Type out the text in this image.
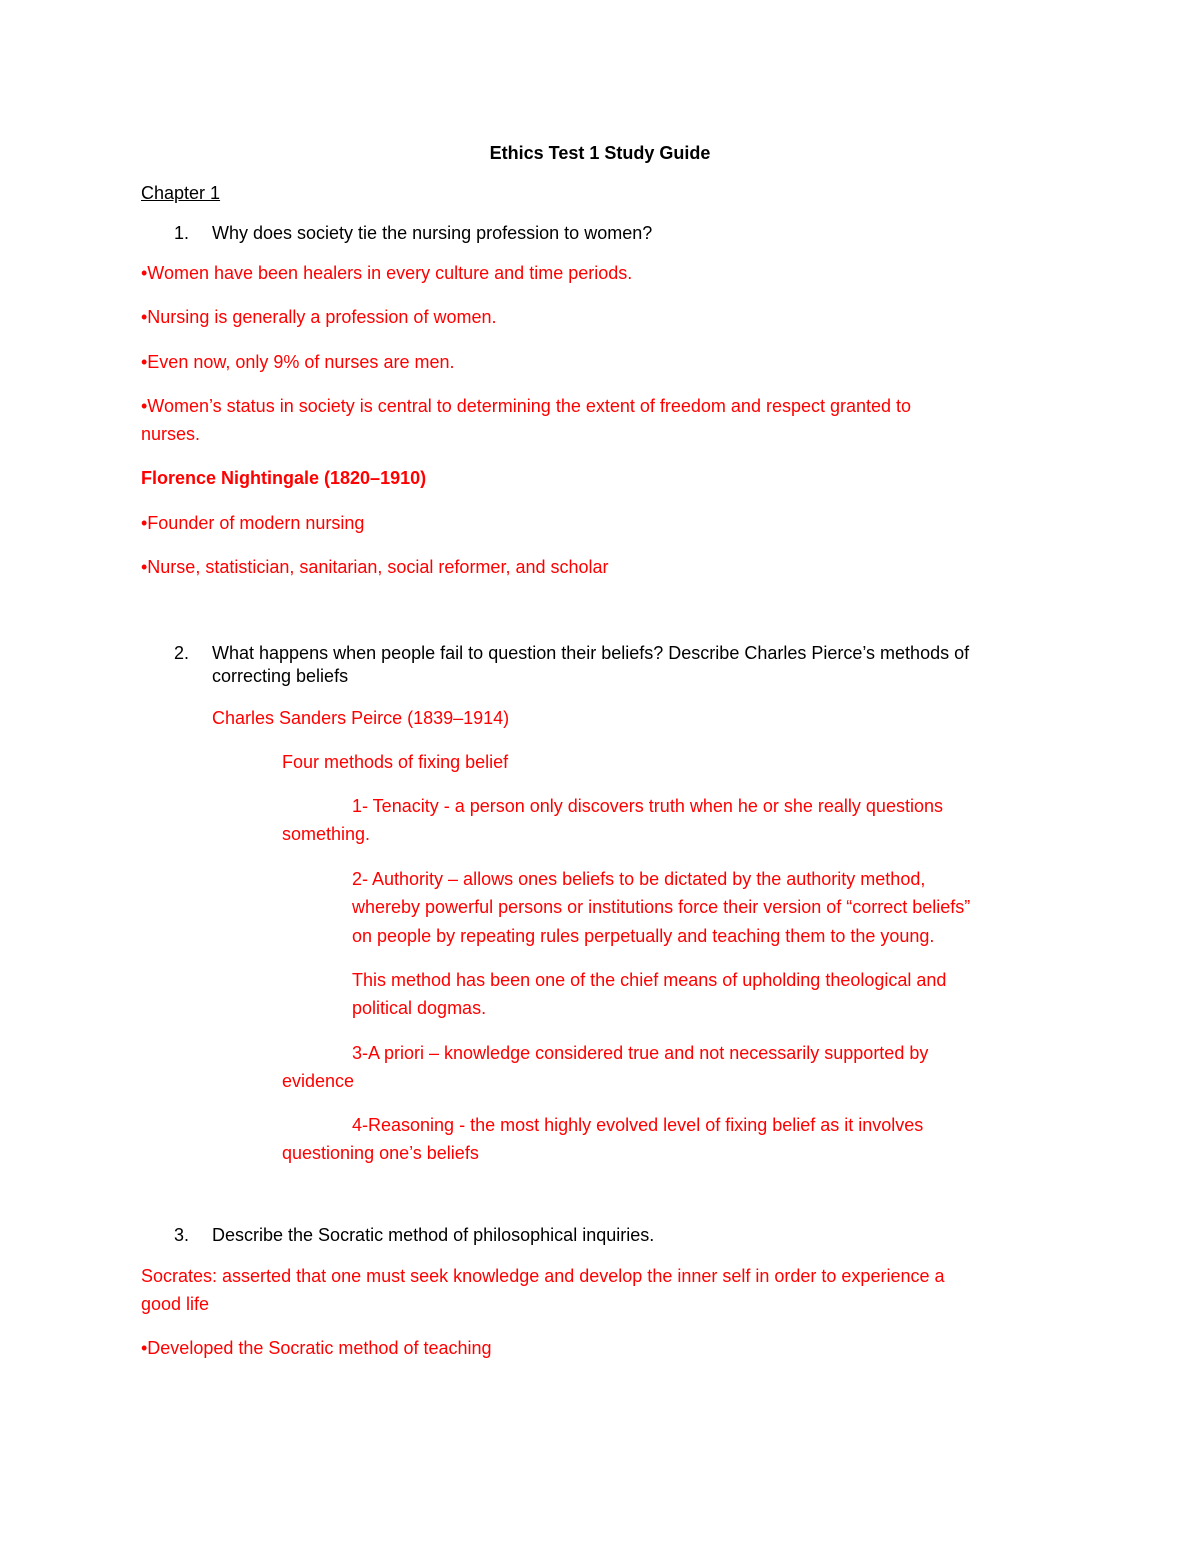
Ethics Test 1 Study Guide
Chapter 1
1. Why does society tie the nursing profession to women?
•Women have been healers in every culture and time periods.
•Nursing is generally a profession of women.
•Even now, only 9% of nurses are men.
•Women’s status in society is central to determining the extent of freedom and respect granted to
nurses.
Florence Nightingale (1820–1910)
•Founder of modern nursing
•Nurse, statistician, sanitarian, social reformer, and scholar
2. What happens when people fail to question their beliefs? Describe Charles Pierce’s methods of
correcting beliefs
Charles Sanders Peirce (1839–1914)
Four methods of fixing belief
1- Tenacity - a person only discovers truth when he or she really questions
something.
2- Authority – allows ones beliefs to be dictated by the authority method,
whereby powerful persons or institutions force their version of “correct beliefs”
on people by repeating rules perpetually and teaching them to the young.
This method has been one of the chief means of upholding theological and
political dogmas.
3-A priori – knowledge considered true and not necessarily supported by
evidence
4-Reasoning - the most highly evolved level of fixing belief as it involves
questioning one’s beliefs
3. Describe the Socratic method of philosophical inquiries.
Socrates: asserted that one must seek knowledge and develop the inner self in order to experience a
good life
•Developed the Socratic method of teaching
